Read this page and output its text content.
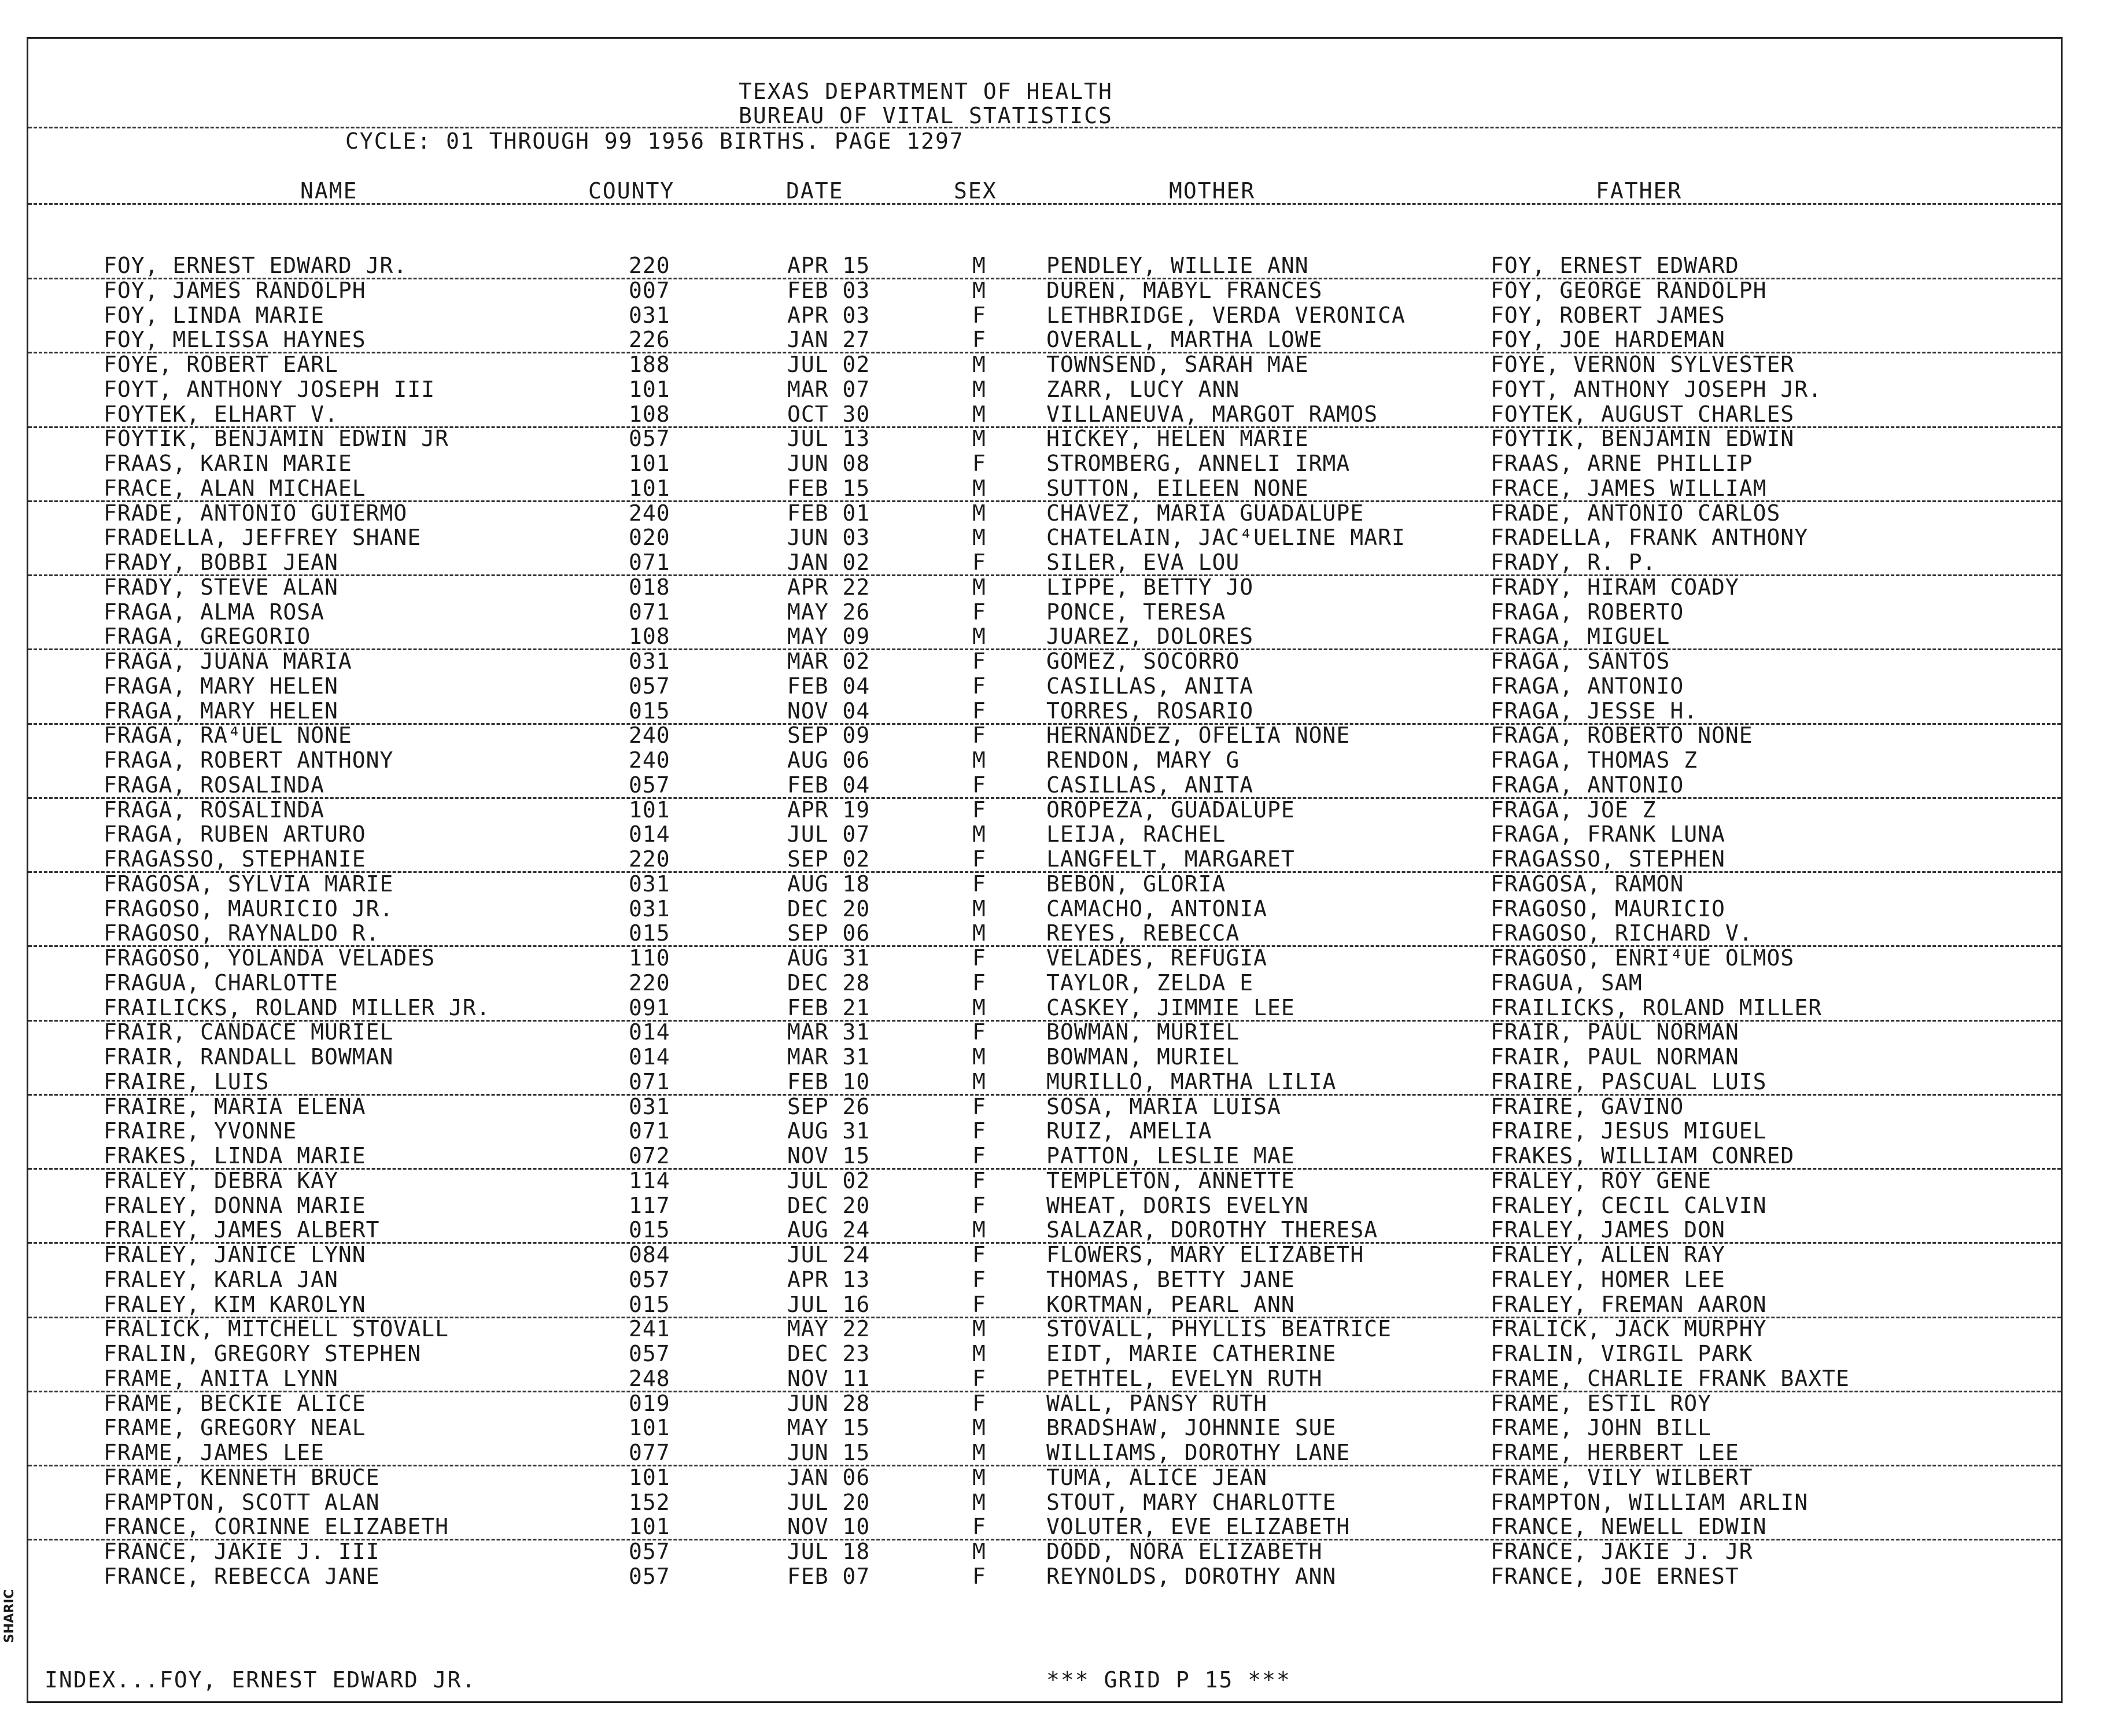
TEXAS DEPARTMENT OF HEALTH
BUREAU OF VITAL STATISTICS
CYCLE: 01 THROUGH 99 1956 BIRTHS. PAGE 1297
NAME	COUNTY	DATE	SEX	MOTHER	FATHER
FOY, ERNEST EDWARD JR.	220	APR 15	M	PENDLEY, WILLIE ANN	FOY, ERNEST EDWARD
FOY, JAMES RANDOLPH	007	FEB 03	M	DUREN, MABYL FRANCES	FOY, GEORGE RANDOLPH
FOY, LINDA MARIE	031	APR 03	F	LETHBRIDGE, VERDA VERONICA	FOY, ROBERT JAMES
FOY, MELISSA HAYNES	226	JAN 27	F	OVERALL, MARTHA LOWE	FOY, JOE HARDEMAN
FOYE, ROBERT EARL	188	JUL 02	M	TOWNSEND, SARAH MAE	FOYE, VERNON SYLVESTER
FOYT, ANTHONY JOSEPH III	101	MAR 07	M	ZARR, LUCY ANN	FOYT, ANTHONY JOSEPH JR.
FOYTEK, ELHART V.	108	OCT 30	M	VILLANEUVA, MARGOT RAMOS	FOYTEK, AUGUST CHARLES
FOYTIK, BENJAMIN EDWIN JR	057	JUL 13	M	HICKEY, HELEN MARIE	FOYTIK, BENJAMIN EDWIN
FRAAS, KARIN MARIE	101	JUN 08	F	STROMBERG, ANNELI IRMA	FRAAS, ARNE PHILLIP
FRACE, ALAN MICHAEL	101	FEB 15	M	SUTTON, EILEEN NONE	FRACE, JAMES WILLIAM
FRADE, ANTONIO GUIERMO	240	FEB 01	M	CHAVEZ, MARIA GUADALUPE	FRADE, ANTONIO CARLOS
FRADELLA, JEFFREY SHANE	020	JUN 03	M	CHATELAIN, JAC⁴UELINE MARI	FRADELLA, FRANK ANTHONY
FRADY, BOBBI JEAN	071	JAN 02	F	SILER, EVA LOU	FRADY, R. P.
FRADY, STEVE ALAN	018	APR 22	M	LIPPE, BETTY JO	FRADY, HIRAM COADY
FRAGA, ALMA ROSA	071	MAY 26	F	PONCE, TERESA	FRAGA, ROBERTO
FRAGA, GREGORIO	108	MAY 09	M	JUAREZ, DOLORES	FRAGA, MIGUEL
FRAGA, JUANA MARIA	031	MAR 02	F	GOMEZ, SOCORRO	FRAGA, SANTOS
FRAGA, MARY HELEN	057	FEB 04	F	CASILLAS, ANITA	FRAGA, ANTONIO
FRAGA, MARY HELEN	015	NOV 04	F	TORRES, ROSARIO	FRAGA, JESSE H.
FRAGA, RA⁴UEL NONE	240	SEP 09	F	HERNANDEZ, OFELIA NONE	FRAGA, ROBERTO NONE
FRAGA, ROBERT ANTHONY	240	AUG 06	M	RENDON, MARY G	FRAGA, THOMAS Z
FRAGA, ROSALINDA	057	FEB 04	F	CASILLAS, ANITA	FRAGA, ANTONIO
FRAGA, ROSALINDA	101	APR 19	F	OROPEZA, GUADALUPE	FRAGA, JOE Z
FRAGA, RUBEN ARTURO	014	JUL 07	M	LEIJA, RACHEL	FRAGA, FRANK LUNA
FRAGASSO, STEPHANIE	220	SEP 02	F	LANGFELT, MARGARET	FRAGASSO, STEPHEN
FRAGOSA, SYLVIA MARIE	031	AUG 18	F	BEBON, GLORIA	FRAGOSA, RAMON
FRAGOSO, MAURICIO JR.	031	DEC 20	M	CAMACHO, ANTONIA	FRAGOSO, MAURICIO
FRAGOSO, RAYNALDO R.	015	SEP 06	M	REYES, REBECCA	FRAGOSO, RICHARD V.
FRAGOSO, YOLANDA VELADES	110	AUG 31	F	VELADES, REFUGIA	FRAGOSO, ENRI⁴UE OLMOS
FRAGUA, CHARLOTTE	220	DEC 28	F	TAYLOR, ZELDA E	FRAGUA, SAM
FRAILICKS, ROLAND MILLER JR.	091	FEB 21	M	CASKEY, JIMMIE LEE	FRAILICKS, ROLAND MILLER
FRAIR, CANDACE MURIEL	014	MAR 31	F	BOWMAN, MURIEL	FRAIR, PAUL NORMAN
FRAIR, RANDALL BOWMAN	014	MAR 31	M	BOWMAN, MURIEL	FRAIR, PAUL NORMAN
FRAIRE, LUIS	071	FEB 10	M	MURILLO, MARTHA LILIA	FRAIRE, PASCUAL LUIS
FRAIRE, MARIA ELENA	031	SEP 26	F	SOSA, MARIA LUISA	FRAIRE, GAVINO
FRAIRE, YVONNE	071	AUG 31	F	RUIZ, AMELIA	FRAIRE, JESUS MIGUEL
FRAKES, LINDA MARIE	072	NOV 15	F	PATTON, LESLIE MAE	FRAKES, WILLIAM CONRED
FRALEY, DEBRA KAY	114	JUL 02	F	TEMPLETON, ANNETTE	FRALEY, ROY GENE
FRALEY, DONNA MARIE	117	DEC 20	F	WHEAT, DORIS EVELYN	FRALEY, CECIL CALVIN
FRALEY, JAMES ALBERT	015	AUG 24	M	SALAZAR, DOROTHY THERESA	FRALEY, JAMES DON
FRALEY, JANICE LYNN	084	JUL 24	F	FLOWERS, MARY ELIZABETH	FRALEY, ALLEN RAY
FRALEY, KARLA JAN	057	APR 13	F	THOMAS, BETTY JANE	FRALEY, HOMER LEE
FRALEY, KIM KAROLYN	015	JUL 16	F	KORTMAN, PEARL ANN	FRALEY, FREMAN AARON
FRALICK, MITCHELL STOVALL	241	MAY 22	M	STOVALL, PHYLLIS BEATRICE	FRALICK, JACK MURPHY
FRALIN, GREGORY STEPHEN	057	DEC 23	M	EIDT, MARIE CATHERINE	FRALIN, VIRGIL PARK
FRAME, ANITA LYNN	248	NOV 11	F	PETHTEL, EVELYN RUTH	FRAME, CHARLIE FRANK BAXTE
FRAME, BECKIE ALICE	019	JUN 28	F	WALL, PANSY RUTH	FRAME, ESTIL ROY
FRAME, GREGORY NEAL	101	MAY 15	M	BRADSHAW, JOHNNIE SUE	FRAME, JOHN BILL
FRAME, JAMES LEE	077	JUN 15	M	WILLIAMS, DOROTHY LANE	FRAME, HERBERT LEE
FRAME, KENNETH BRUCE	101	JAN 06	M	TUMA, ALICE JEAN	FRAME, VILY WILBERT
FRAMPTON, SCOTT ALAN	152	JUL 20	M	STOUT, MARY CHARLOTTE	FRAMPTON, WILLIAM ARLIN
FRANCE, CORINNE ELIZABETH	101	NOV 10	F	VOLUTER, EVE ELIZABETH	FRANCE, NEWELL EDWIN
FRANCE, JAKIE J. III	057	JUL 18	M	DODD, NORA ELIZABETH	FRANCE, JAKIE J. JR
FRANCE, REBECCA JANE	057	FEB 07	F	REYNOLDS, DOROTHY ANN	FRANCE, JOE ERNEST
INDEX...FOY, ERNEST EDWARD JR.	*** GRID P 15 ***
SHARIC
